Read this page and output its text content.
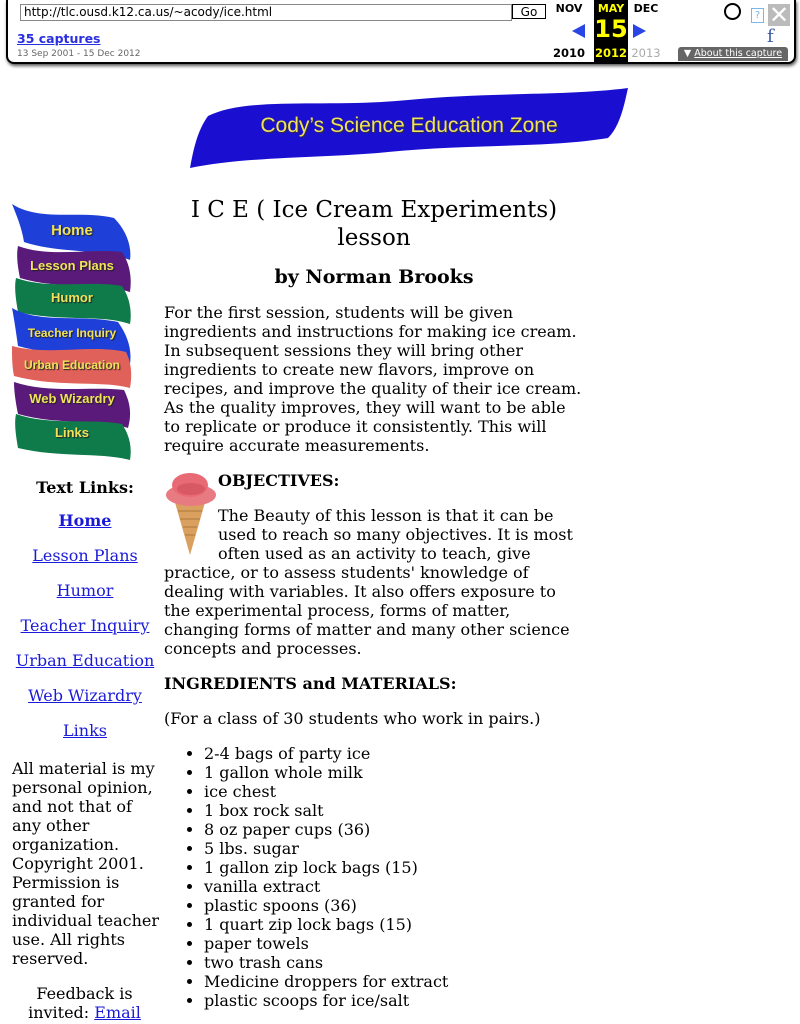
http://tlc.ousd.k12.ca.us/~acody/ice.html	Go
35 captures
13 Sep 2001 - 15 Dec 2012
NOV
2010
MAY
15
2012
DEC
2013
? ✕
f
▼ About this capture
Cody’s Science Education Zone
Home
Lesson Plans
Humor
Teacher Inquiry
Urban Education
Web Wizardry
Links
Text Links:
Home
Lesson Plans
Humor
Teacher Inquiry
Urban Education
Web Wizardry
Links
All material is my personal opinion, and not that of any other organization. Copyright 2001. Permission is granted for individual teacher use. All rights reserved.
Feedback is invited: Email
I C E ( Ice Cream Experiments) lesson
by Norman Brooks

For the first session, students will be given ingredients and instructions for making ice cream. In subsequent sessions they will bring other ingredients to create new flavors, improve on recipes, and improve the quality of their ice cream. As the quality improves, they will want to be able to replicate or produce it consistently. This will require accurate measurements.

OBJECTIVES:

The Beauty of this lesson is that it can be used to reach so many objectives. It is most often used as an activity to teach, give practice, or to assess students' knowledge of dealing with variables. It also offers exposure to the experimental process, forms of matter, changing forms of matter and many other science concepts and processes.

INGREDIENTS and MATERIALS:

(For a class of 30 students who work in pairs.)

• 2-4 bags of party ice
• 1 gallon whole milk
• ice chest
• 1 box rock salt
• 8 oz paper cups (36)
• 5 lbs. sugar
• 1 gallon zip lock bags (15)
• vanilla extract
• plastic spoons (36)
• 1 quart zip lock bags (15)
• paper towels
• two trash cans
• Medicine droppers for extract
• plastic scoops for ice/salt
